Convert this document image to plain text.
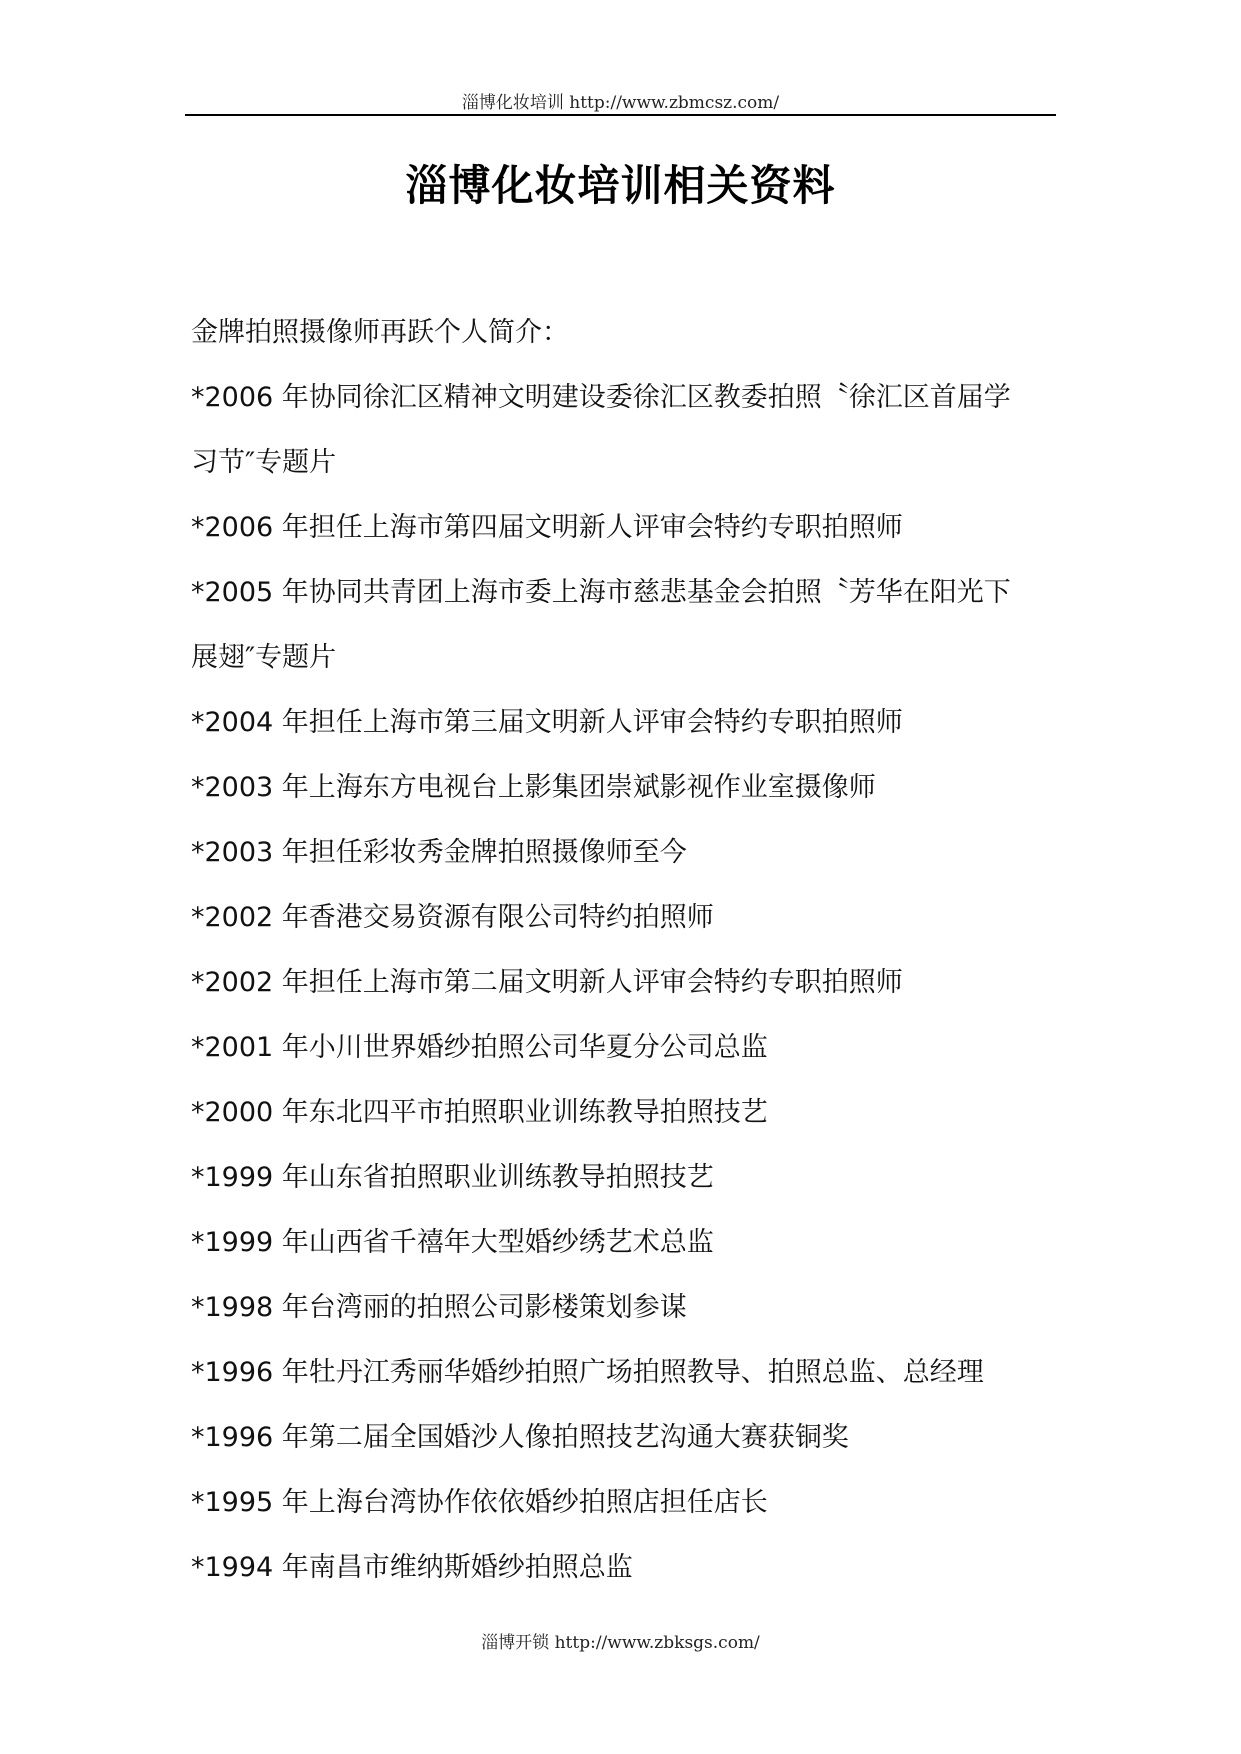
淄博化妆培训 http://www.zbmcsz.com/
淄博化妆培训相关资料

金牌拍照摄像师再跃个人简介：

*2006 年协同徐汇区精神文明建设委徐汇区教委拍照〝徐汇区首届学

习节″专题片

*2006 年担任上海市第四届文明新人评审会特约专职拍照师

*2005 年协同共青团上海市委上海市慈悲基金会拍照〝芳华在阳光下

展翅″专题片

*2004 年担任上海市第三届文明新人评审会特约专职拍照师

*2003 年上海东方电视台上影集团崇斌影视作业室摄像师

*2003 年担任彩妆秀金牌拍照摄像师至今

*2002 年香港交易资源有限公司特约拍照师

*2002 年担任上海市第二届文明新人评审会特约专职拍照师

*2001 年小川世界婚纱拍照公司华夏分公司总监

*2000 年东北四平市拍照职业训练教导拍照技艺

*1999 年山东省拍照职业训练教导拍照技艺

*1999 年山西省千禧年大型婚纱绣艺术总监

*1998 年台湾丽的拍照公司影楼策划参谋

*1996 年牡丹江秀丽华婚纱拍照广场拍照教导、拍照总监、总经理

*1996 年第二届全国婚沙人像拍照技艺沟通大赛获铜奖

*1995 年上海台湾协作依依婚纱拍照店担任店长

*1994 年南昌市维纳斯婚纱拍照总监

淄博开锁 http://www.zbksgs.com/
